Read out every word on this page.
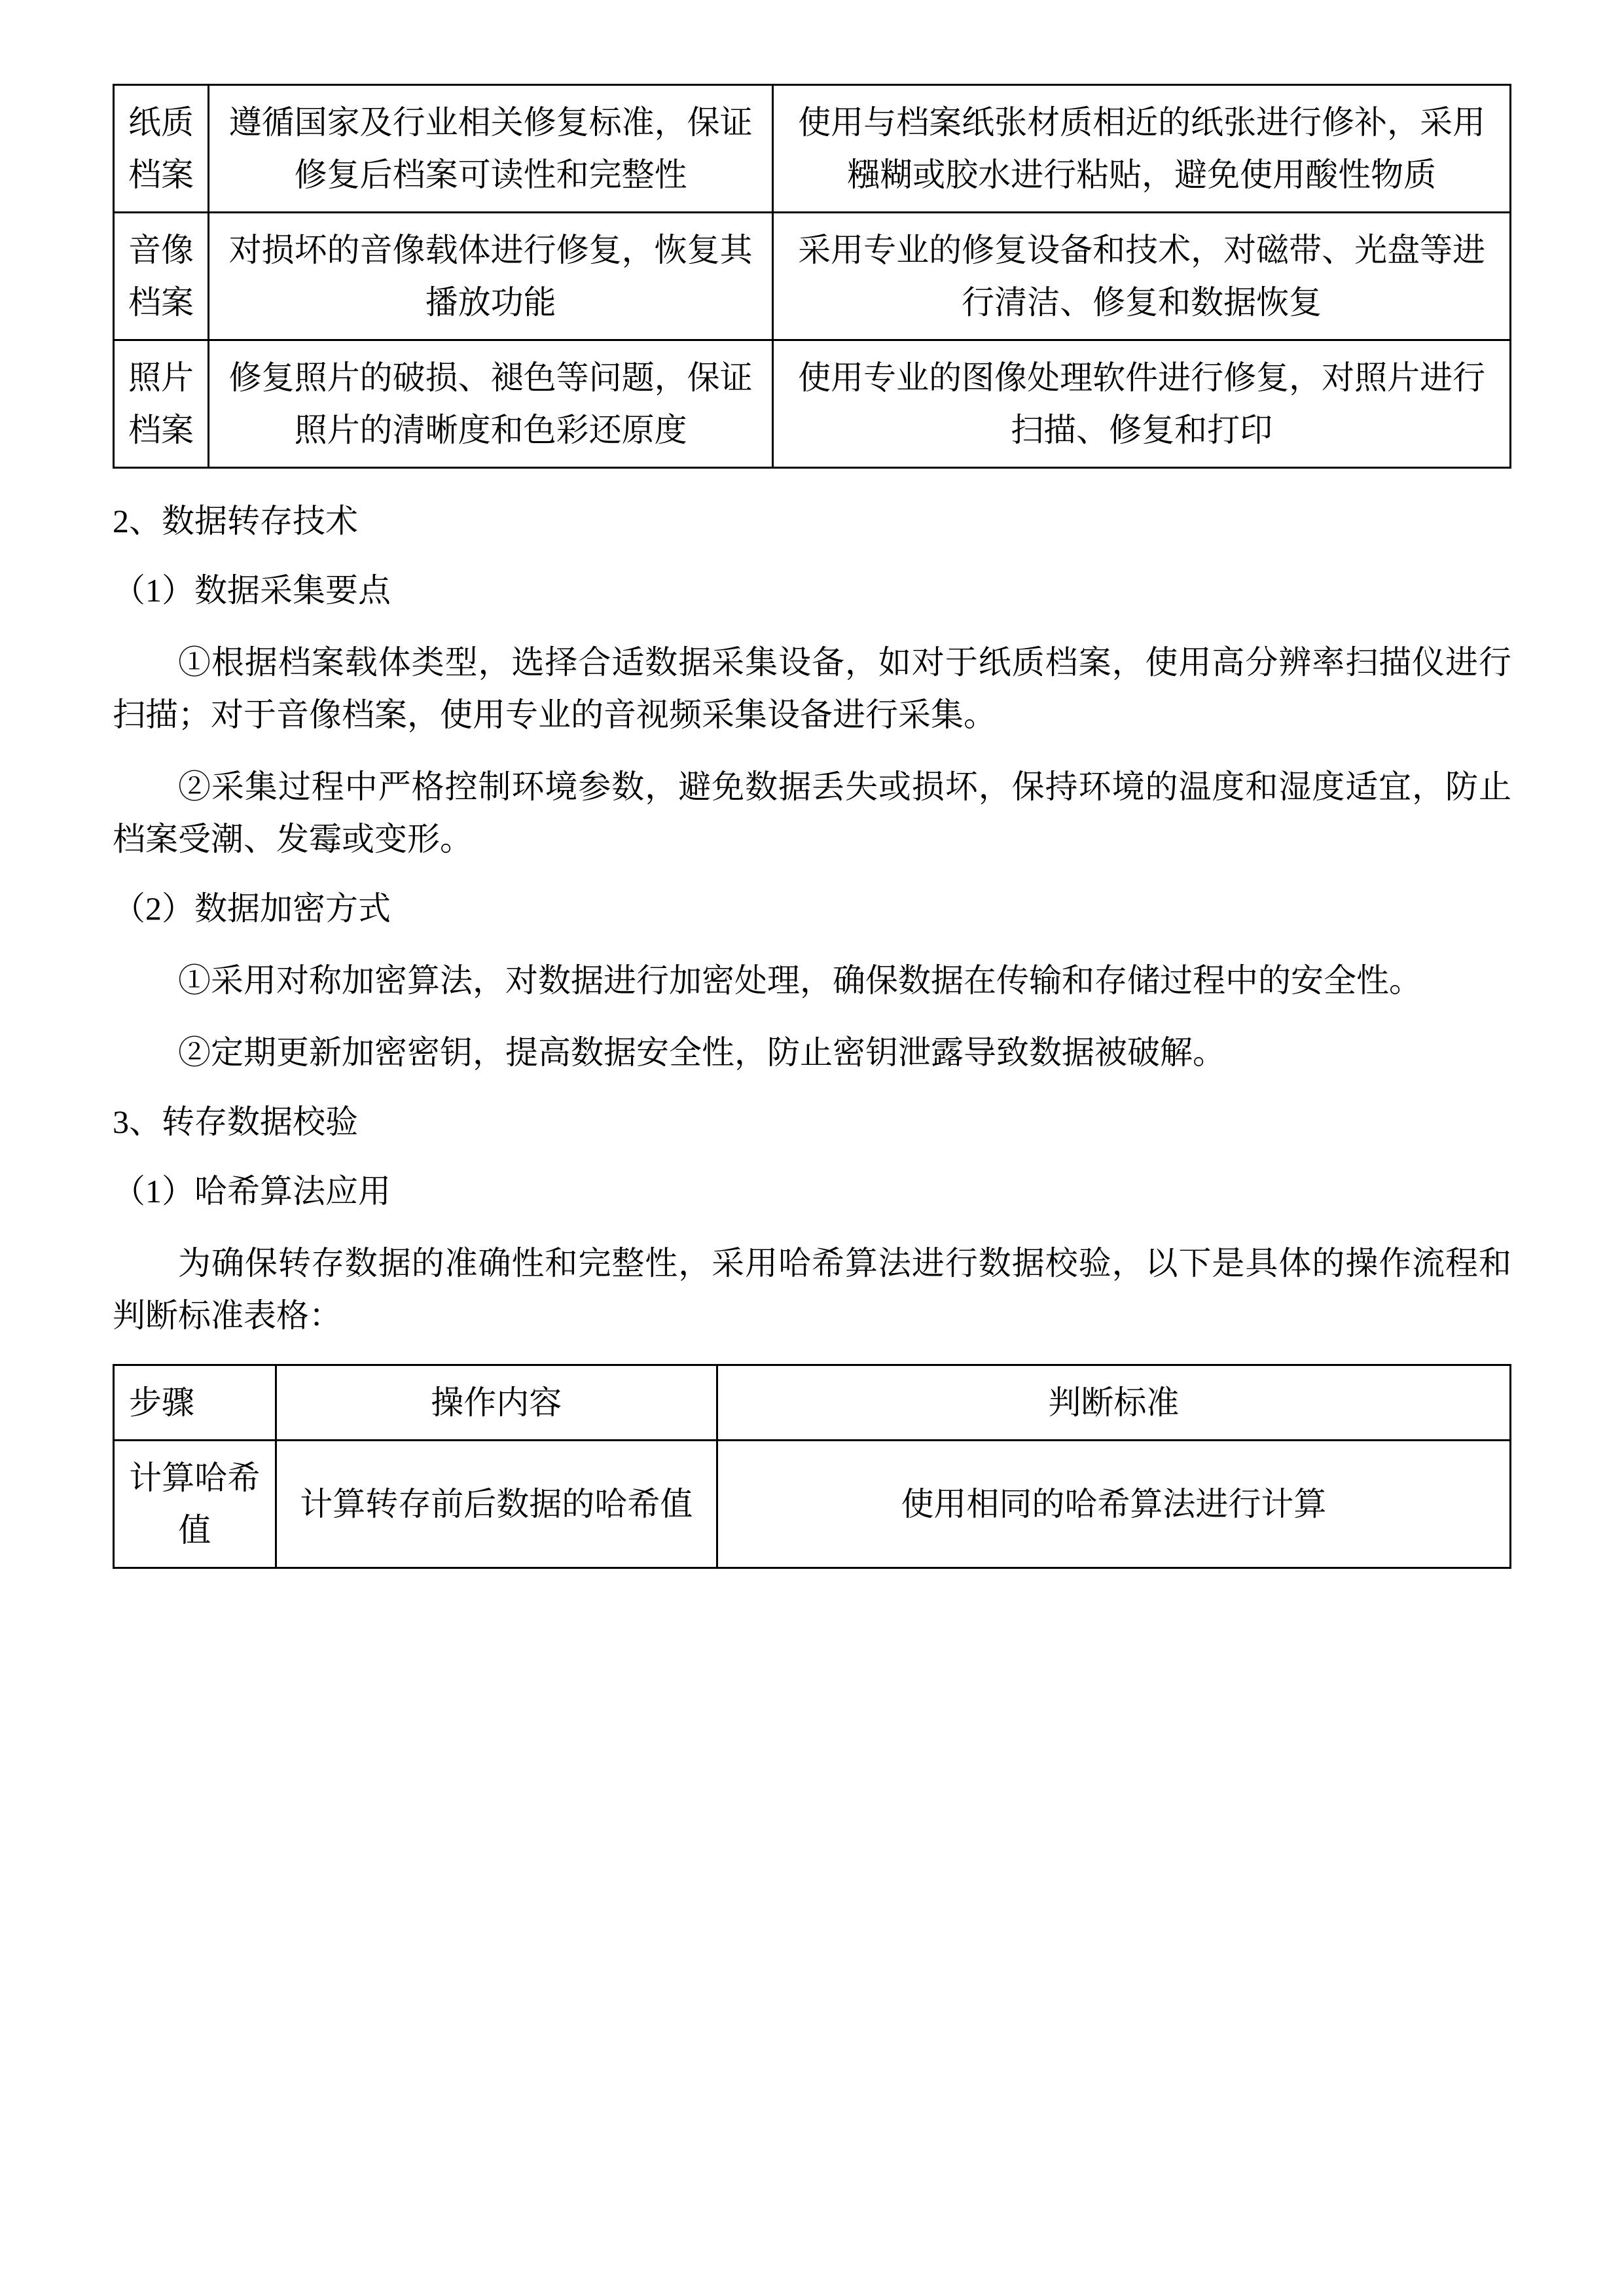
纸质档案	遵循国家及行业相关修复标准，保证修复后档案可读性和完整性	使用与档案纸张材质相近的纸张进行修补，采用糨糊或胶水进行粘贴，避免使用酸性物质
音像档案	对损坏的音像载体进行修复，恢复其播放功能	采用专业的修复设备和技术，对磁带、光盘等进行清洁、修复和数据恢复
照片档案	修复照片的破损、褪色等问题，保证照片的清晰度和色彩还原度	使用专业的图像处理软件进行修复，对照片进行扫描、修复和打印

2、数据转存技术

（1）数据采集要点

①根据档案载体类型，选择合适数据采集设备，如对于纸质档案，使用高分辨率扫描仪进行扫描；对于音像档案，使用专业的音视频采集设备进行采集。

②采集过程中严格控制环境参数，避免数据丢失或损坏，保持环境的温度和湿度适宜，防止档案受潮、发霉或变形。

（2）数据加密方式

①采用对称加密算法，对数据进行加密处理，确保数据在传输和存储过程中的安全性。

②定期更新加密密钥，提高数据安全性，防止密钥泄露导致数据被破解。

3、转存数据校验

（1）哈希算法应用

为确保转存数据的准确性和完整性，采用哈希算法进行数据校验，以下是具体的操作流程和判断标准表格：

步骤	操作内容	判断标准
计算哈希值	计算转存前后数据的哈希值	使用相同的哈希算法进行计算
